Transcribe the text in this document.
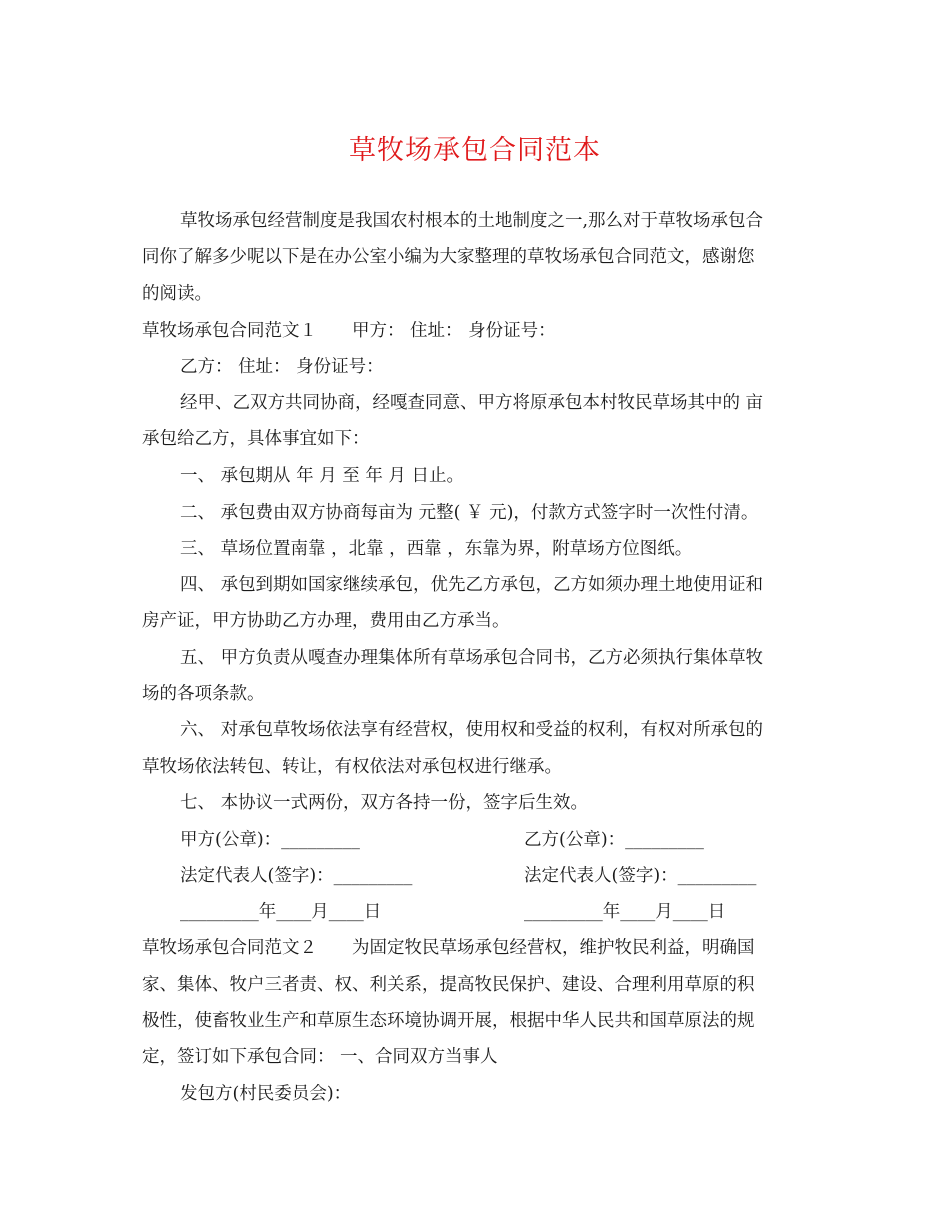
草牧场承包合同范本

草牧场承包经营制度是我国农村根本的土地制度之一,那么对于草牧场承包合

同你了解多少呢以下是在办公室小编为大家整理的草牧场承包合同范文，感谢您

的阅读。

草牧场承包合同范文１　　甲方： 住址： 身份证号：

乙方： 住址： 身份证号：

经甲、乙双方共同协商，经嘎查同意、甲方将原承包本村牧民草场其中的 亩

承包给乙方，具体事宜如下：

一、 承包期从 年 月 至 年 月 日止。

二、 承包费由双方协商每亩为 元整( ￥ 元)，付款方式签字时一次性付清。

三、 草场位置南靠 ，北靠 ，西靠 ，东靠为界，附草场方位图纸。

四、 承包到期如国家继续承包，优先乙方承包，乙方如须办理土地使用证和

房产证，甲方协助乙方办理，费用由乙方承当。

五、 甲方负责从嘎查办理集体所有草场承包合同书，乙方必须执行集体草牧

场的各项条款。

六、 对承包草牧场依法享有经营权，使用权和受益的权利，有权对所承包的

草牧场依法转包、转让，有权依法对承包权进行继承。

七、 本协议一式两份，双方各持一份，签字后生效。

甲方(公章)：_________	乙方(公章)：_________

法定代表人(签字)：_________	法定代表人(签字)：_________

_________年____月____日	_________年____月____日

草牧场承包合同范文２　　为固定牧民草场承包经营权，维护牧民利益，明确国

家、集体、牧户三者责、权、利关系，提高牧民保护、建设、合理利用草原的积

极性，使畜牧业生产和草原生态环境协调开展，根据中华人民共和国草原法的规

定，签订如下承包合同： 一、合同双方当事人

发包方(村民委员会)：
